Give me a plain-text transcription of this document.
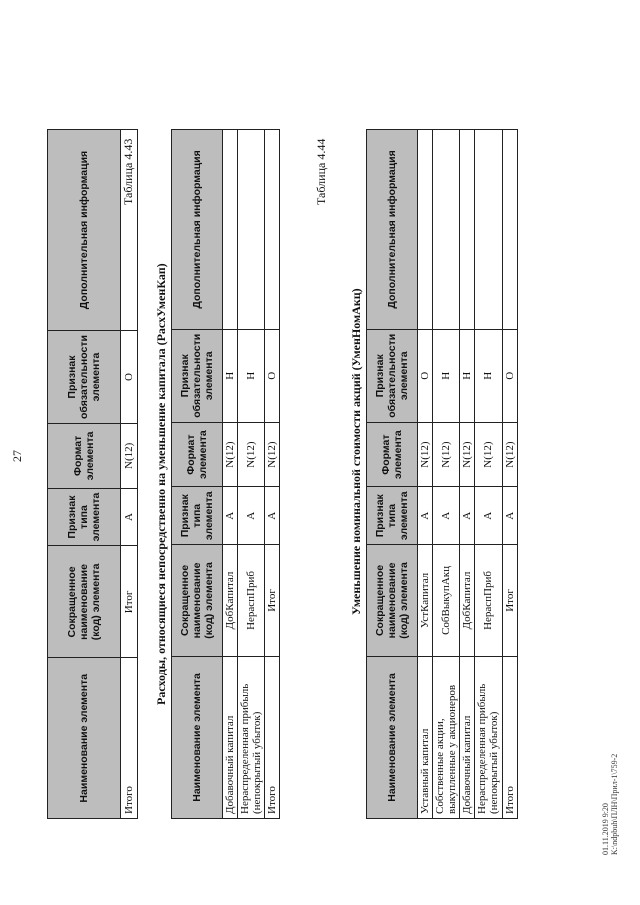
27
Наименование элемента	Сокращенное наименование (код) элемента	Признак типа элемента	Формат элемента	Признак обязательности элемента	Дополнительная информация
Итого	Итог	А	N(12)	О	
Таблица 4.43
Расходы, относящиеся непосредственно на уменьшение капитала (РасхУменКап)
Наименование элемента	Сокращенное наименование (код) элемента	Признак типа элемента	Формат элемента	Признак обязательности элемента	Дополнительная информация
Добавочный капитал	ДобКапитал	А	N(12)	Н	
Нераспределенная прибыль (непокрытый убыток)	НераспПриб	А	N(12)	Н	
Итого	Итог	А	N(12)	О	
Таблица 4.44
Уменьшение номинальной стоимости акций (УменНомАкц)
Наименование элемента	Сокращенное наименование (код) элемента	Признак типа элемента	Формат элемента	Признак обязательности элемента	Дополнительная информация
Уставный капитал	УстКапитал	А	N(12)	О	
Собственные акции, выкупленные у акционеров	СобВыкупАкц	А	N(12)	Н	
Добавочный капитал	ДобКапитал	А	N(12)	Н	
Нераспределенная прибыль (непокрытый убыток)	НераспПриб	А	N(12)	Н	
Итого	Итог	А	N(12)	О	
01.11.2019 9:20 K:\ndpbuh\ПЛН\Прил-1\759-2
